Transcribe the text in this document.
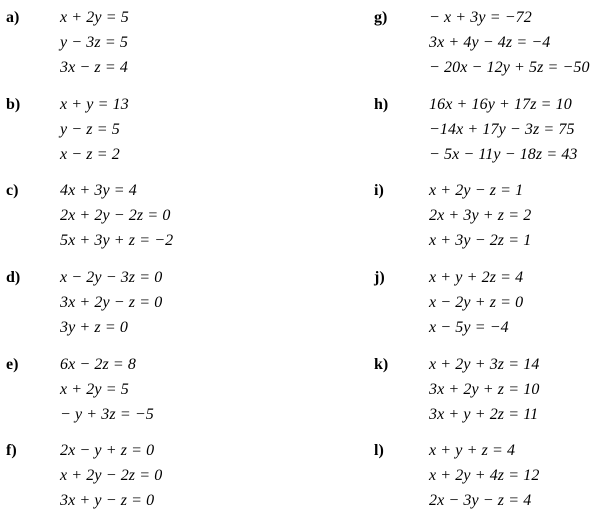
a)	x + 2y = 5
y − 3z = 5
3x − z = 4
b) x + y = 13
y − z = 5
x − z = 2
c)	4x + 3y = 4
2x + 2y − 2z = 0
5x + 3y + z = −2
d) x − 2y − 3z = 0
3x + 2y − z = 0
3y + z = 0
e)	6x − 2z = 8
x + 2y = 5
− y + 3z = −5
f)	2x − y + z = 0
x + 2y − 2z = 0
3x + y − z = 0
g)	− x + 3y = −72
3x + 4y − 4z = −4
− 20x − 12y + 5z = −50
h)	16x + 16y + 17z = 10
−14x + 17y − 3z = 75
− 5x − 11y − 18z = 43
i)	x + 2y − z = 1
2x + 3y + z = 2
x + 3y − 2z = 1
j)	x + y + 2z = 4
x − 2y + z = 0
x − 5y = −4
k)	x + 2y + 3z = 14
3x + 2y + z = 10
3x + y + 2z = 11
l)	x + y + z = 4
x + 2y + 4z = 12
2x − 3y − z = 4
